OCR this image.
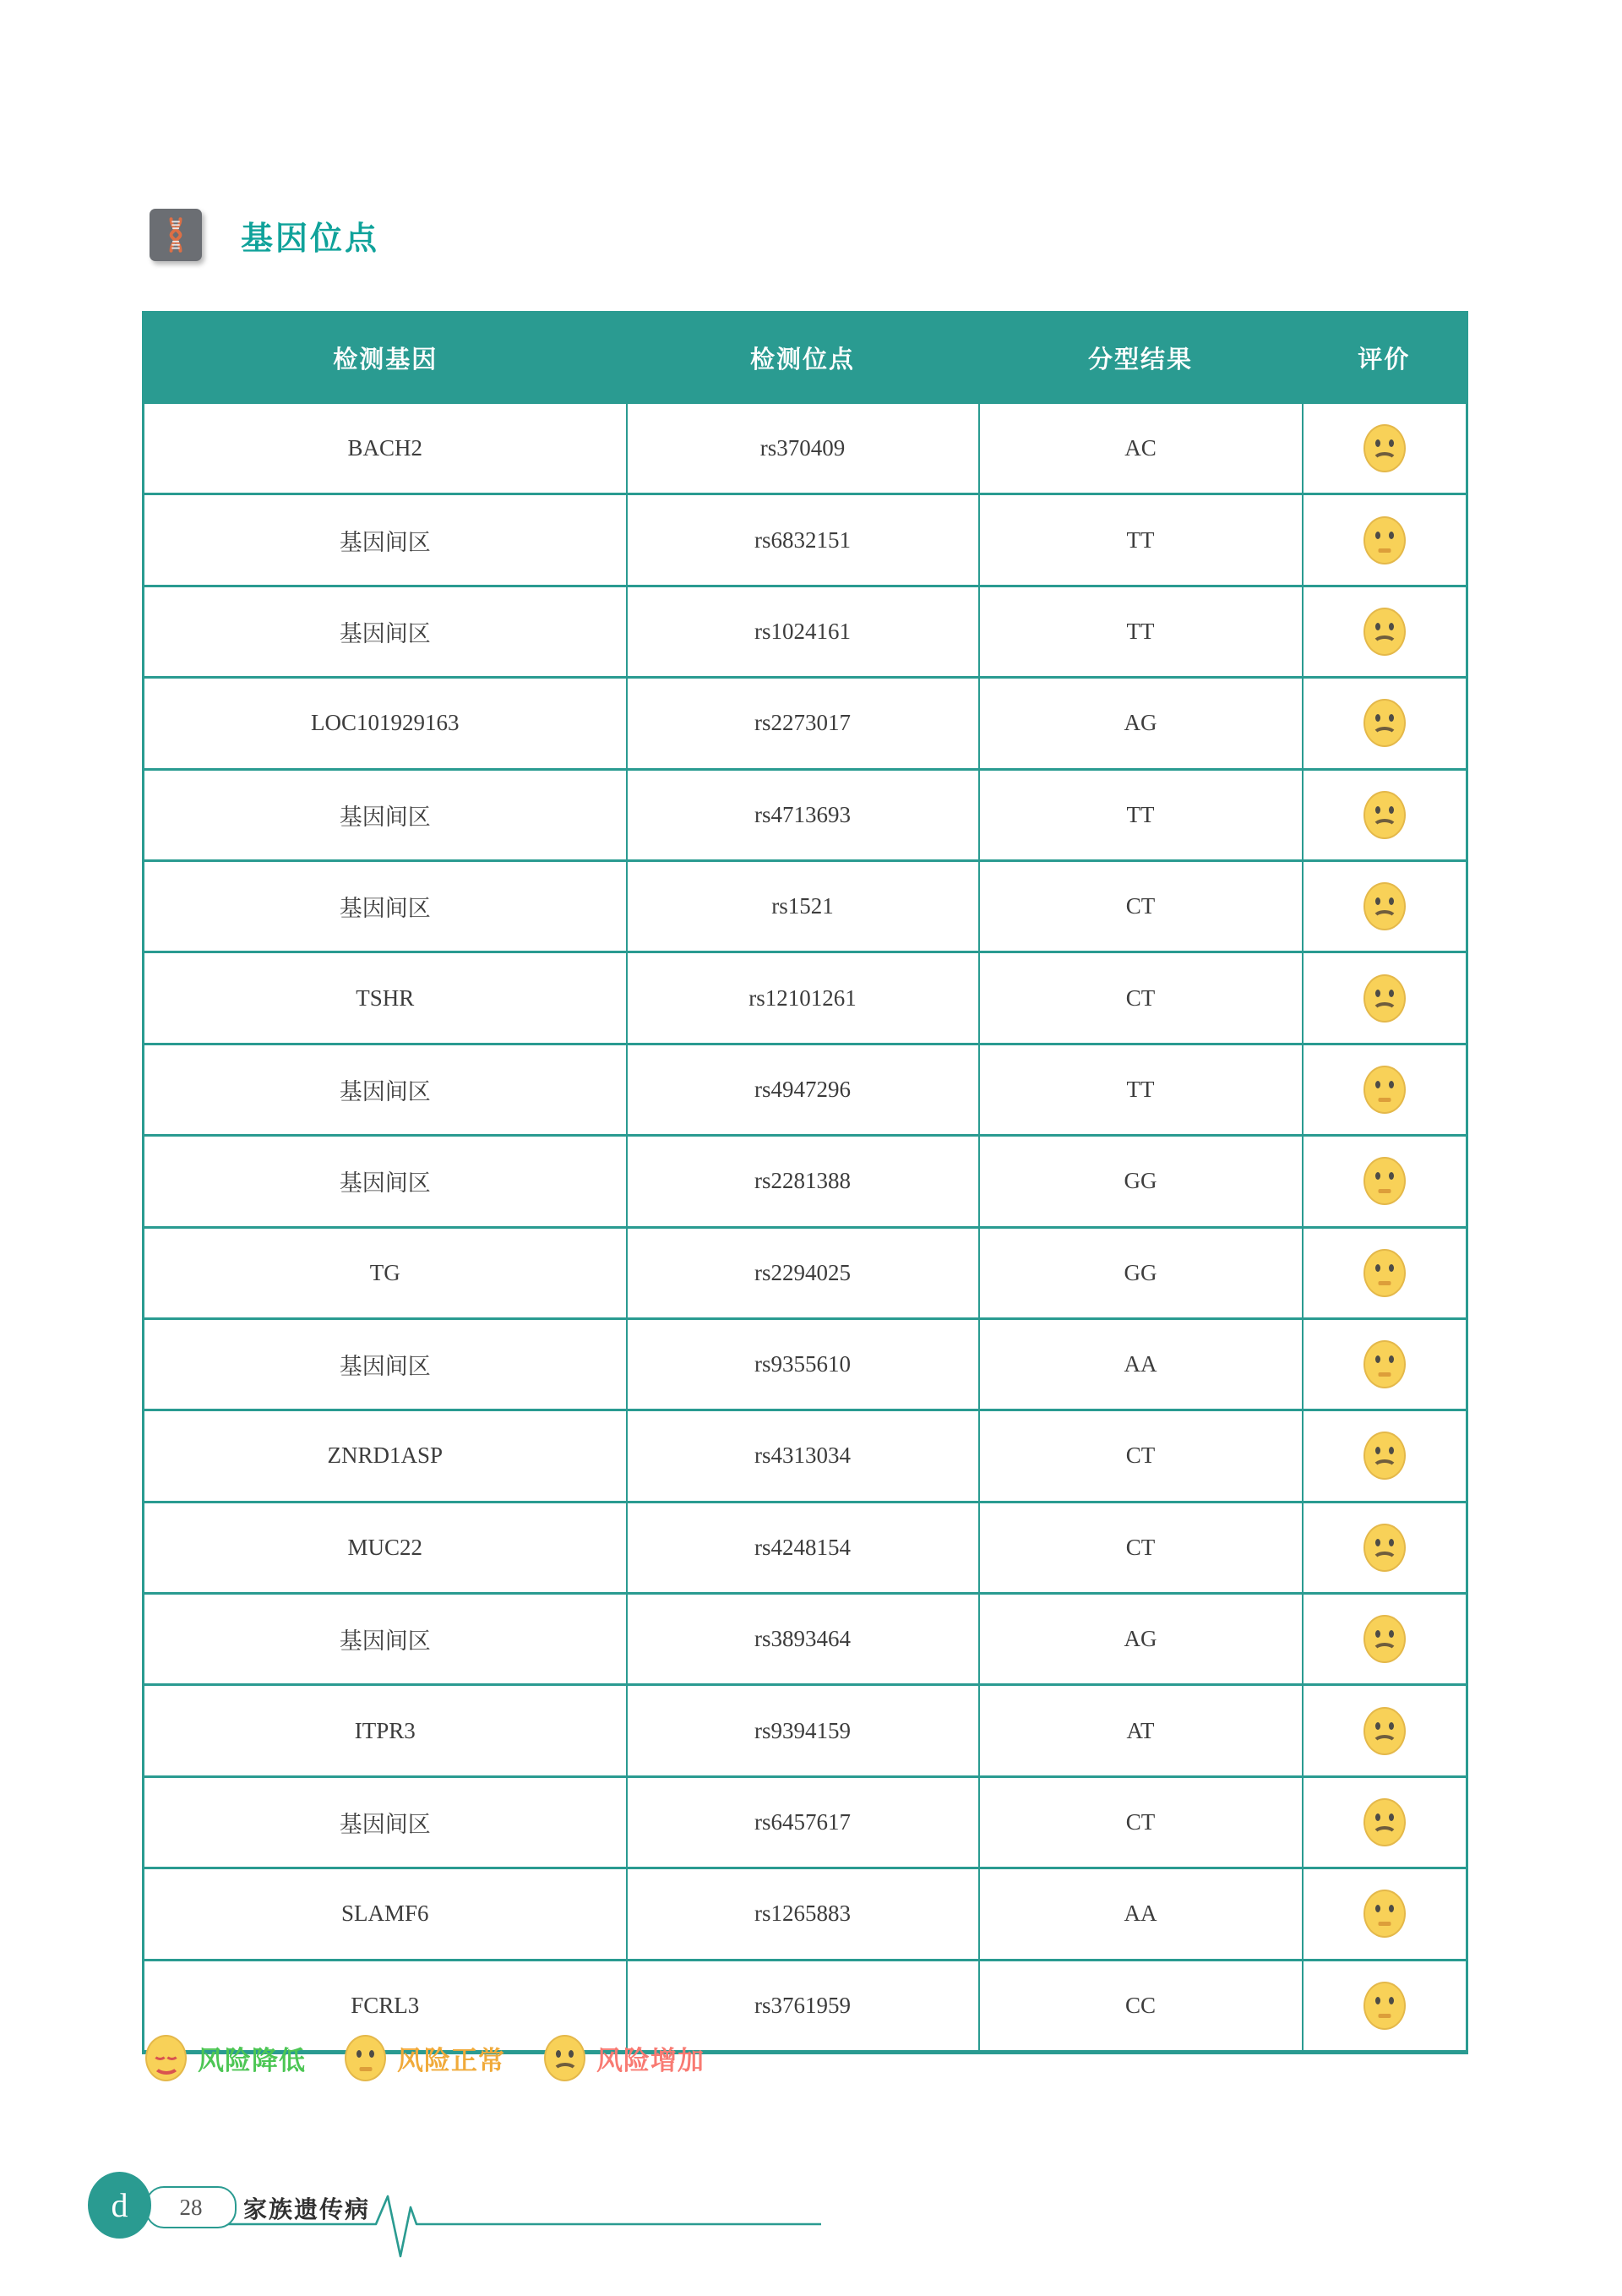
基因位点
检测基因	检测位点	分型结果	评价
BACH2	rs370409	AC	

基因间区	rs6832151	TT	

基因间区	rs1024161	TT	

LOC101929163	rs2273017	AG	

基因间区	rs4713693	TT	

基因间区	rs1521	CT	

TSHR	rs12101261	CT	

基因间区	rs4947296	TT	

基因间区	rs2281388	GG	

TG	rs2294025	GG	

基因间区	rs9355610	AA	

ZNRD1ASP	rs4313034	CT	

MUC22	rs4248154	CT	

基因间区	rs3893464	AG	

ITPR3	rs9394159	AT	

基因间区	rs6457617	CT	

SLAMF6	rs1265883	AA	

FCRL3	rs3761959	CC	
风险降低	风险正常	风险增加
28
d	家族遗传病
